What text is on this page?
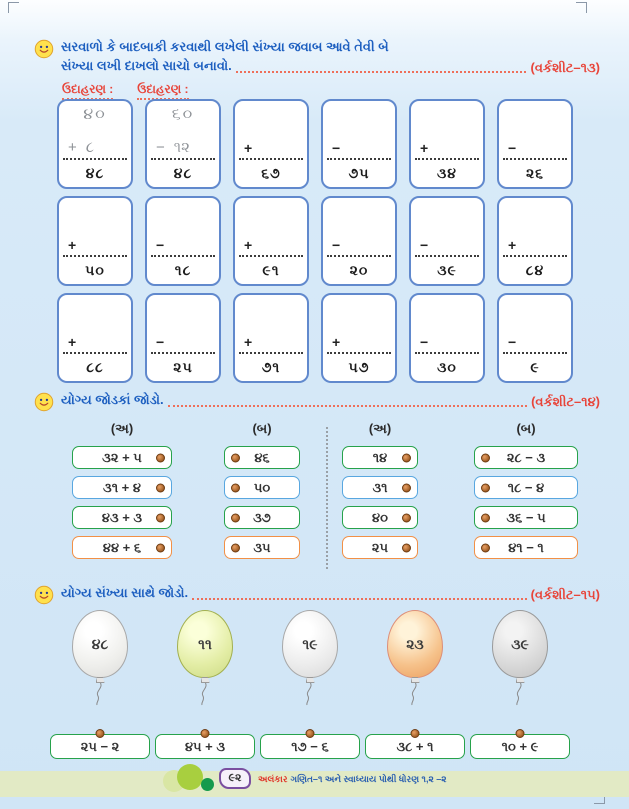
સરવાળો કે બાદબાકી કરવાથી લખેલી સંખ્યા જવાબ આવે તેવી બે
સંખ્યા લખી દાખલો સાચો બનાવો.	(વર્કશીટ–૧૩)
ઉદાહરણ : ઉદાહરણ :
૪૦
+ ૮
૪૮
૬૦
− ૧૨
૪૮
+
૬૭
−
૭૫
+
૩૪
−
૨૬
+
૫૦
−
૧૮
+
૯૧
−
૨૦
−
૩૯
+
૮૪
+
૮૮
−
૨૫
+
૭૧
+
૫૭
−
૩૦
−
૯
યોગ્ય જોડકાં જોડો.	(વર્કશીટ–૧૪)
(અ)
૩૨ + ૫
૩૧ + ૪
૪૩ + ૩
૪૪ + ૬
(બ)
૪૬
૫૦
૩૭
૩૫
(અ)
૧૪
૩૧
૪૦
૨૫
(બ)
૨૮ − ૩
૧૮ − ૪
૩૬ − ૫
૪૧ − ૧
યોગ્ય સંખ્યા સાથે જોડો.	(વર્કશીટ–૧૫)
૪૮	૧૧	૧૯	૨૩	૩૯
૨૫ − ૨	૪૫ + ૩	૧૭ − ૬	૩૮ + ૧	૧૦ + ૯
૯૨ અલંકાર ગણિત–૧ અને સ્વાધ્યાય પોથી ધોરણ ૧,૨ –૨
